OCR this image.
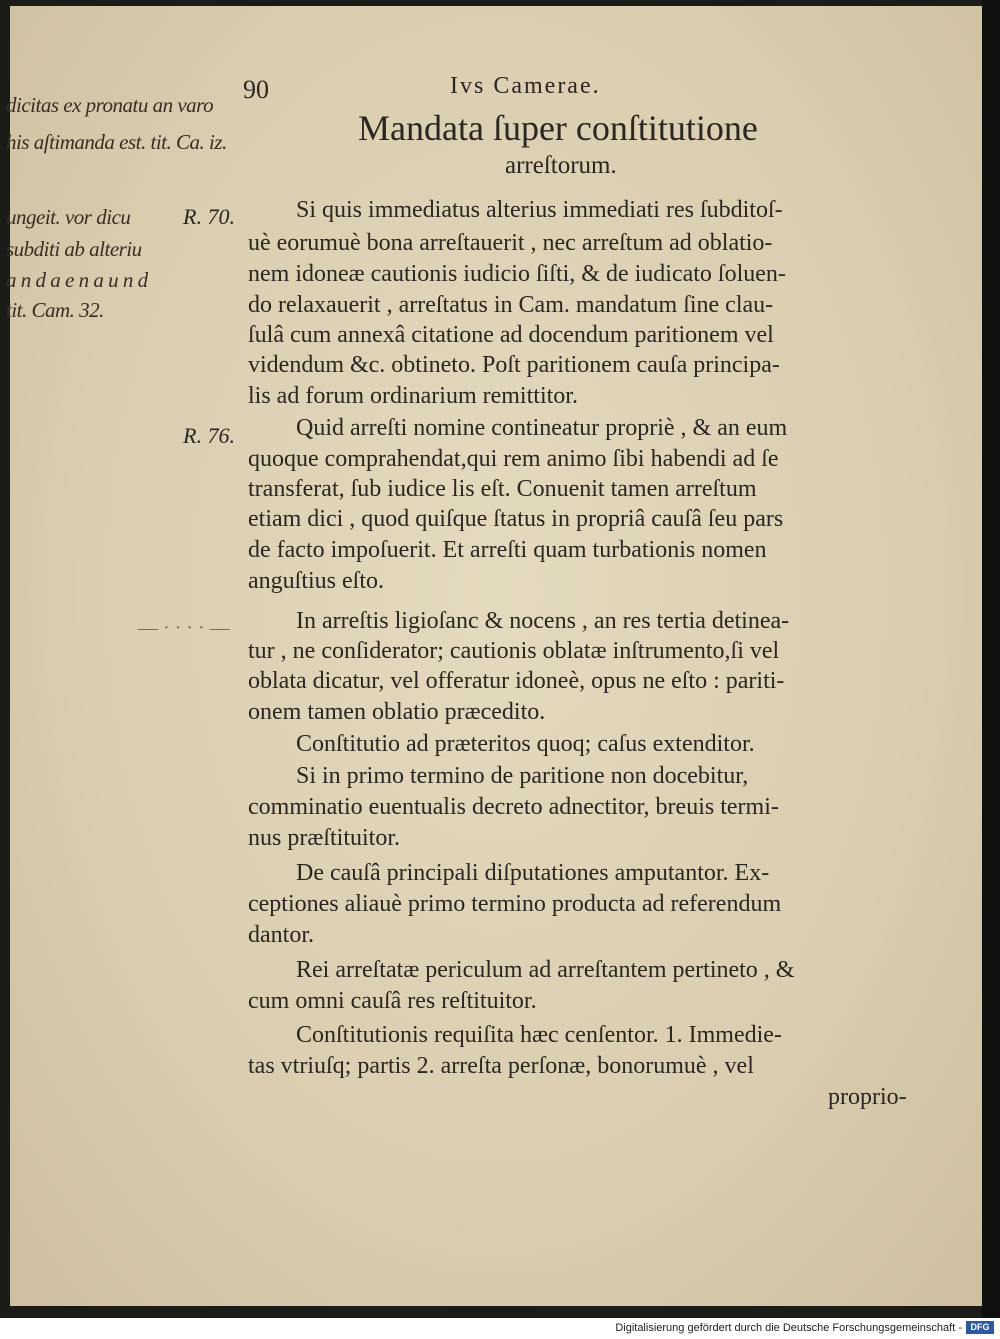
90	Ivs Camerae.
Mandata ſuper conſtitutione
arreſtorum.
dicitas ex pronatu an varo
his aſtimanda est. tit. Ca. iz.
ungeit. vor dicu
subditi ab alteriu
a n d a e n a u n d
tit. Cam. 32.
R. 70.
R. 76.
— · · · · —
Si quis immediatus alterius immediati res ſubditoſ-
uè eorumuè bona arreſtauerit , nec arreſtum ad oblatio-
nem idoneæ cautionis iudicio ſiſti, & de iudicato ſoluen-
do relaxauerit , arreſtatus in Cam. mandatum ſine clau-
ſulâ cum annexâ citatione ad docendum paritionem vel
videndum &c. obtineto. Poſt paritionem cauſa principa-
lis ad forum ordinarium remittitor.
Quid arreſti nomine contineatur propriè , & an eum
quoque comprahendat,qui rem animo ſibi habendi ad ſe
transferat, ſub iudice lis eſt. Conuenit tamen arreſtum
etiam dici , quod quiſque ſtatus in propriâ cauſâ ſeu pars
de facto impoſuerit. Et arreſti quam turbationis nomen
anguſtius eſto.
In arreſtis ligioſanc & nocens , an res tertia detinea-
tur , ne conſiderator; cautionis oblatæ inſtrumento,ſi vel
oblata dicatur, vel offeratur idoneè, opus ne eſto : pariti-
onem tamen oblatio præcedito.
Conſtitutio ad præteritos quoq; caſus extenditor.
Si in primo termino de paritione non docebitur,
comminatio euentualis decreto adnectitor, breuis termi-
nus præſtituitor.
De cauſâ principali diſputationes amputantor. Ex-
ceptiones aliauè primo termino producta ad referendum
dantor.
Rei arreſtatæ periculum ad arreſtantem pertineto , &
cum omni cauſâ res reſtituitor.
Conſtitutionis requiſita hæc cenſentor. 1. Immedie-
tas vtriuſq; partis 2. arreſta perſonæ, bonorumuè , vel
proprio-
Digitalisierung gefördert durch die Deutsche Forschungsgemeinschaft - DFG
